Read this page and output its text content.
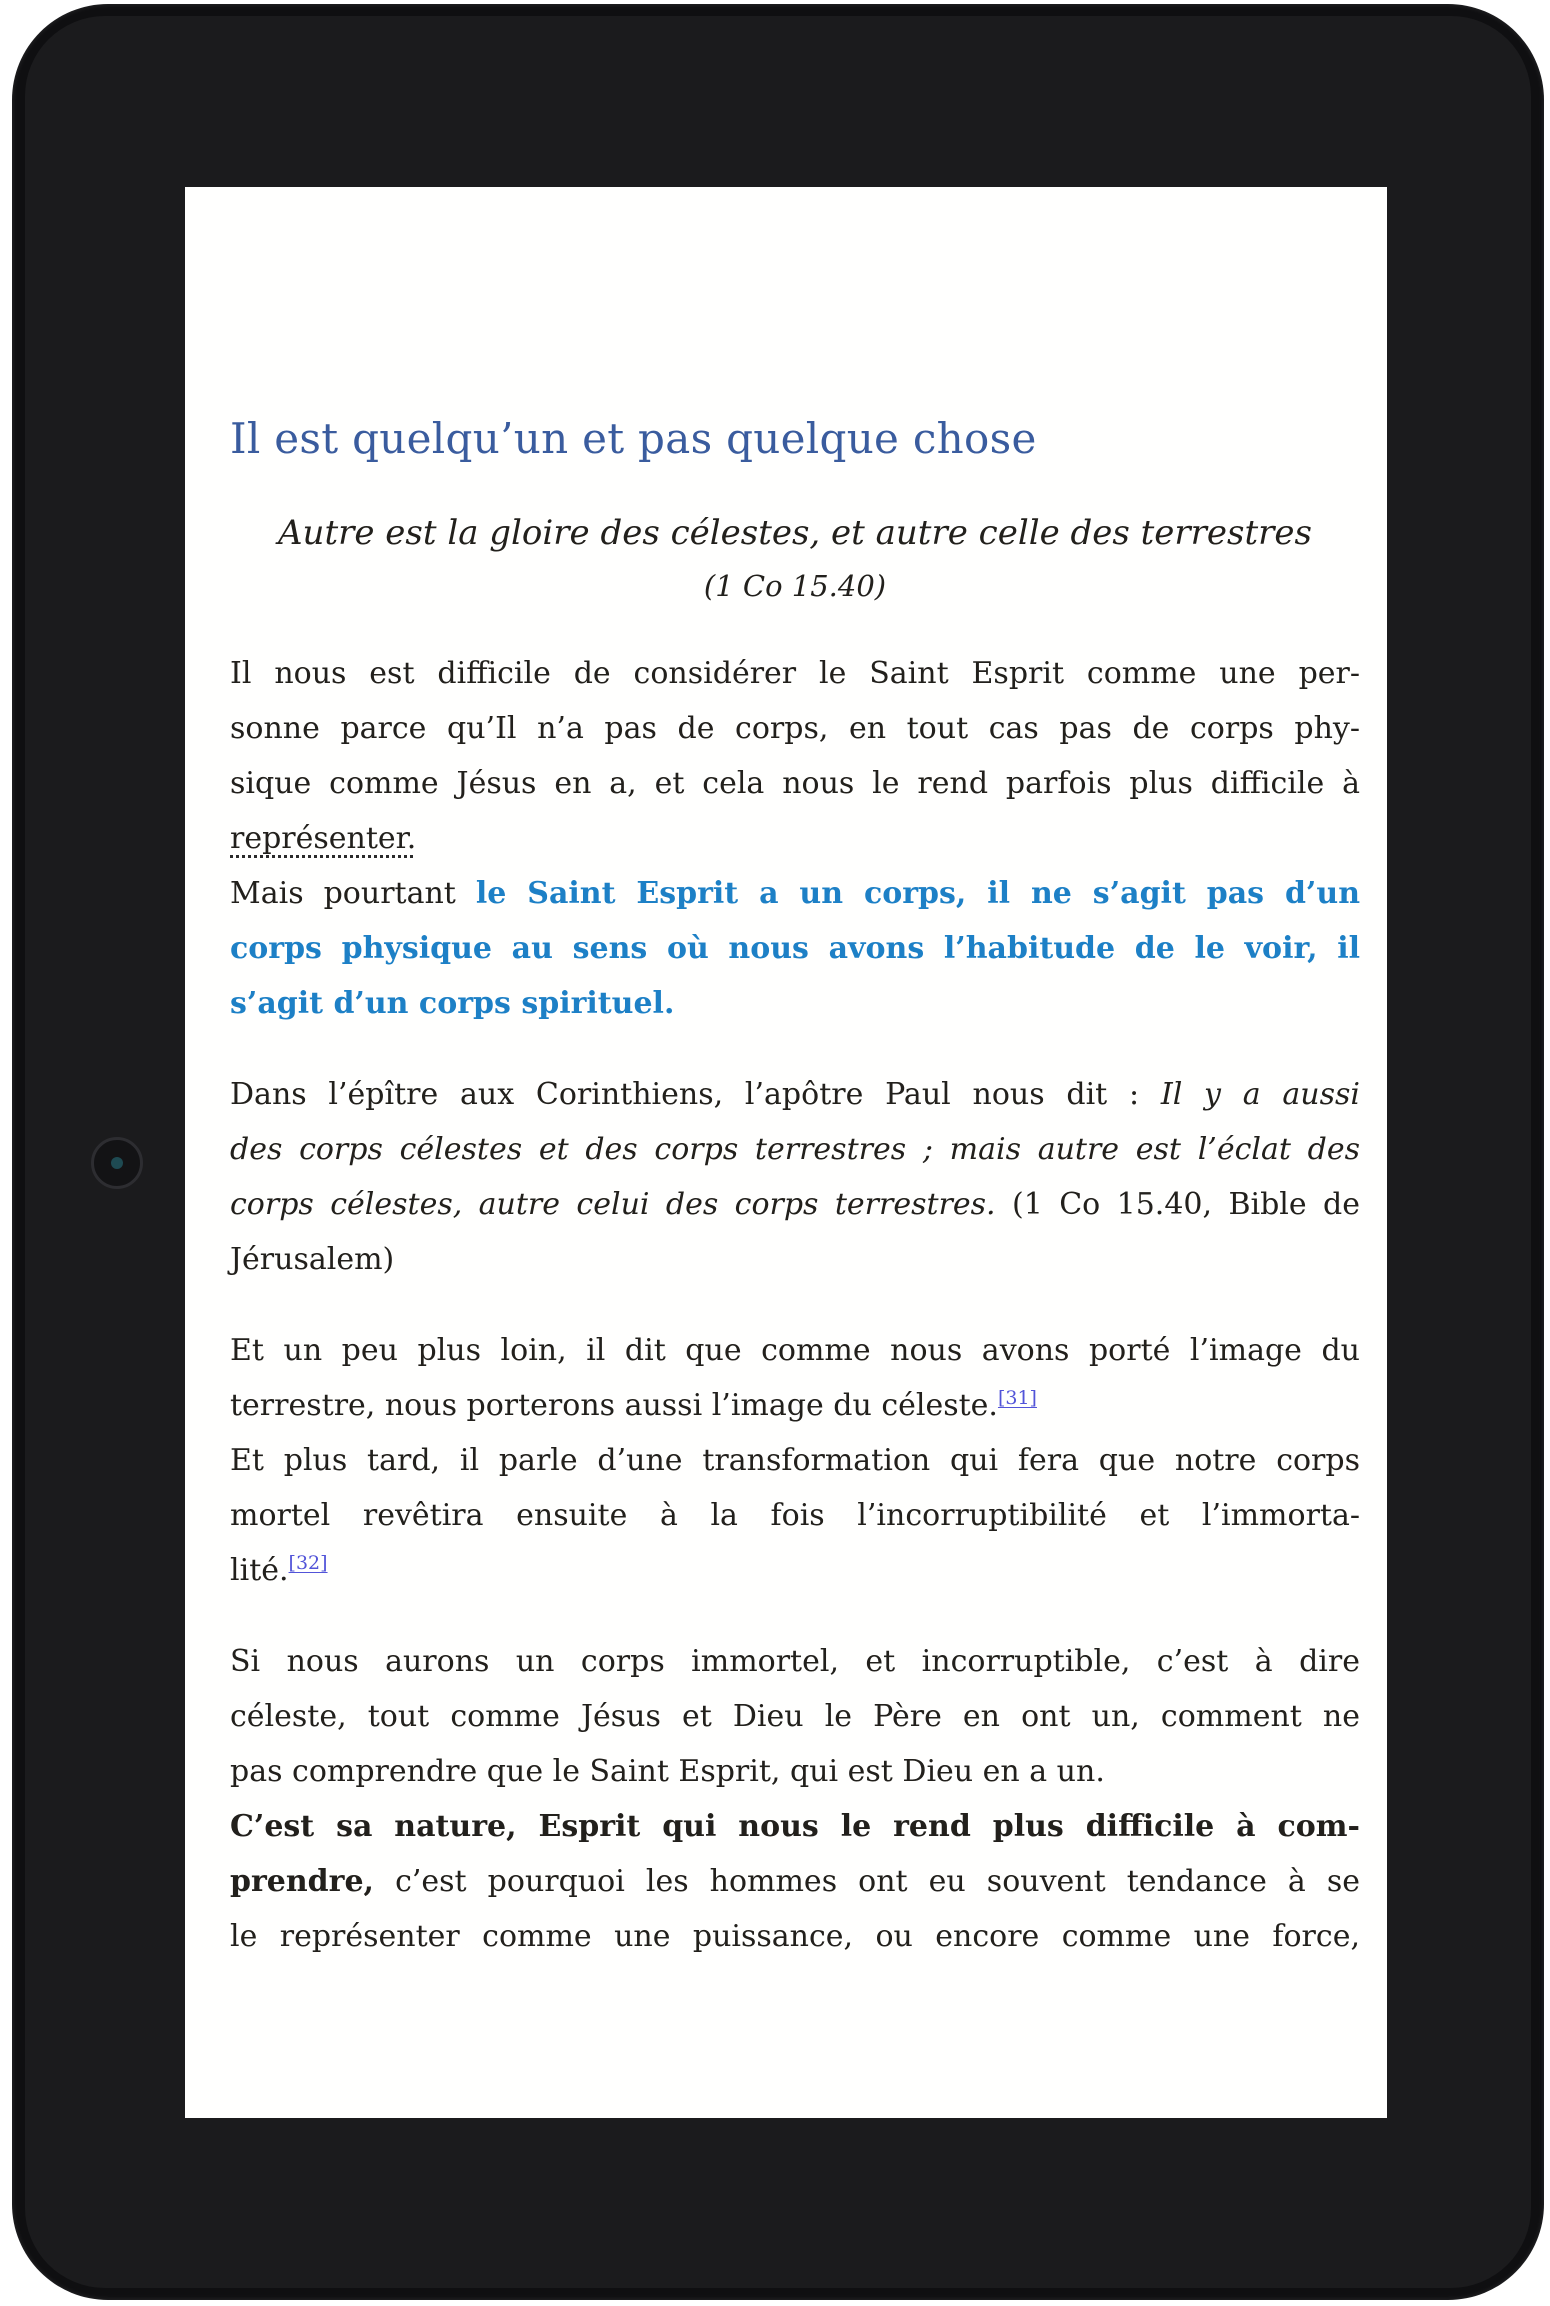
Il est quelqu’un et pas quelque chose
Autre est la gloire des célestes, et autre celle des terrestres
(1 Co 15.40)
Il nous est difficile de considérer le Saint Esprit comme une per-
sonne parce qu’Il n’a pas de corps, en tout cas pas de corps phy-
sique comme Jésus en a, et cela nous le rend parfois plus difficile à
représenter.
Mais pourtant le Saint Esprit a un corps, il ne s’agit pas d’un
corps physique au sens où nous avons l’habitude de le voir, il
s’agit d’un corps spirituel.
Dans l’épître aux Corinthiens, l’apôtre Paul nous dit : Il y a aussi
des corps célestes et des corps terrestres ; mais autre est l’éclat des
corps célestes, autre celui des corps terrestres. (1 Co 15.40, Bible de
Jérusalem)
Et un peu plus loin, il dit que comme nous avons porté l’image du
terrestre, nous porterons aussi l’image du céleste.[31]
Et plus tard, il parle d’une transformation qui fera que notre corps
mortel revêtira ensuite à la fois l’incorruptibilité et l’immorta-
lité.[32]
Si nous aurons un corps immortel, et incorruptible, c’est à dire
céleste, tout comme Jésus et Dieu le Père en ont un, comment ne
pas comprendre que le Saint Esprit, qui est Dieu en a un.
C’est sa nature, Esprit qui nous le rend plus difficile à com-
prendre, c’est pourquoi les hommes ont eu souvent tendance à se
le représenter comme une puissance, ou encore comme une force,
